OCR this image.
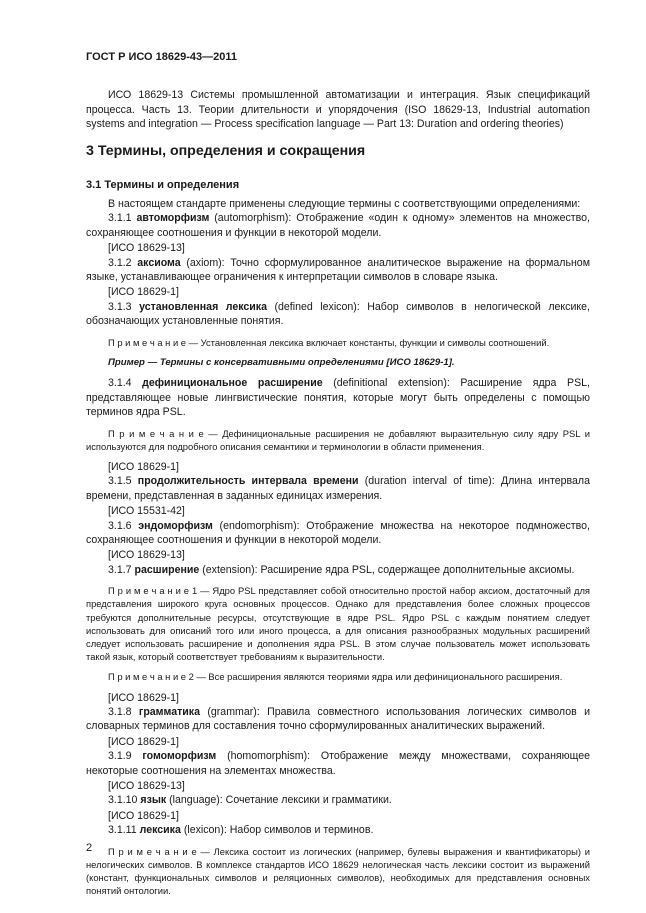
ГОСТ Р ИСО 18629-43—2011

ИСО 18629-13 Системы промышленной автоматизации и интеграция. Язык спецификаций процесса. Часть 13. Теории длительности и упорядочения (ISO 18629-13, Industrial automation systems and integration — Process specification language — Part 13: Duration and ordering theories)

3 Термины, определения и сокращения
3.1 Термины и определения

В настоящем стандарте применены следующие термины с соответствующими определениями:

3.1.1 автоморфизм (automorphism): Отображение «один к одному» элементов на множество, сохраняющее соотношения и функции в некоторой модели.

[ИСО 18629-13]

3.1.2 аксиома (axiom): Точно сформулированное аналитическое выражение на формальном языке, устанавливающее ограничения к интерпретации символов в словаре языка.

[ИСО 18629-1]

3.1.3 установленная лексика (defined lexicon): Набор символов в нелогической лексике, обозначающих установленные понятия.

П р и м е ч а н и е — Установленная лексика включает константы, функции и символы соотношений.

Пример — Термины с консервативными определениями [ИСО 18629-1].

3.1.4 дефинициональное расширение (definitional extension): Расширение ядра PSL, представляющее новые лингвистические понятия, которые могут быть определены с помощью терминов ядра PSL.

П р и м е ч а н и е — Дефинициональные расширения не добавляют выразительную силу ядру PSL и используются для подробного описания семантики и терминологии в области применения.

[ИСО 18629-1]

3.1.5 продолжительность интервала времени (duration interval of time): Длина интервала времени, представленная в заданных единицах измерения.

[ИСО 15531-42]

3.1.6 эндоморфизм (endomorphism): Отображение множества на некоторое подмножество, сохраняющее соотношения и функции в некоторой модели.

[ИСО 18629-13]

3.1.7 расширение (extension): Расширение ядра PSL, содержащее дополнительные аксиомы.

П р и м е ч а н и е 1 — Ядро PSL представляет собой относительно простой набор аксиом, достаточный для представления широкого круга основных процессов. Однако для представления более сложных процессов требуются дополнительные ресурсы, отсутствующие в ядре PSL. Ядро PSL с каждым понятием следует использовать для описаний того или иного процесса, а для описания разнообразных модульных расширений следует использовать расширение и дополнения ядра PSL. В этом случае пользователь может использовать такой язык, который соответствует требованиям к выразительности.

П р и м е ч а н и е 2 — Все расширения являются теориями ядра или дефиниционального расширения.

[ИСО 18629-1]

3.1.8 грамматика (grammar): Правила совместного использования логических символов и словарных терминов для составления точно сформулированных аналитических выражений.

[ИСО 18629-1]

3.1.9 гомоморфизм (homomorphism): Отображение между множествами, сохраняющее некоторые соотношения на элементах множества.

[ИСО 18629-13]

3.1.10 язык (language): Сочетание лексики и грамматики.

[ИСО 18629-1]

3.1.11 лексика (lexicon): Набор символов и терминов.

П р и м е ч а н и е — Лексика состоит из логических (например, булевы выражения и квантификаторы) и нелогических символов. В комплексе стандартов ИСО 18629 нелогическая часть лексики состоит из выражений (констант, функциональных символов и реляционных символов), необходимых для представления основных понятий онтологии.

2
